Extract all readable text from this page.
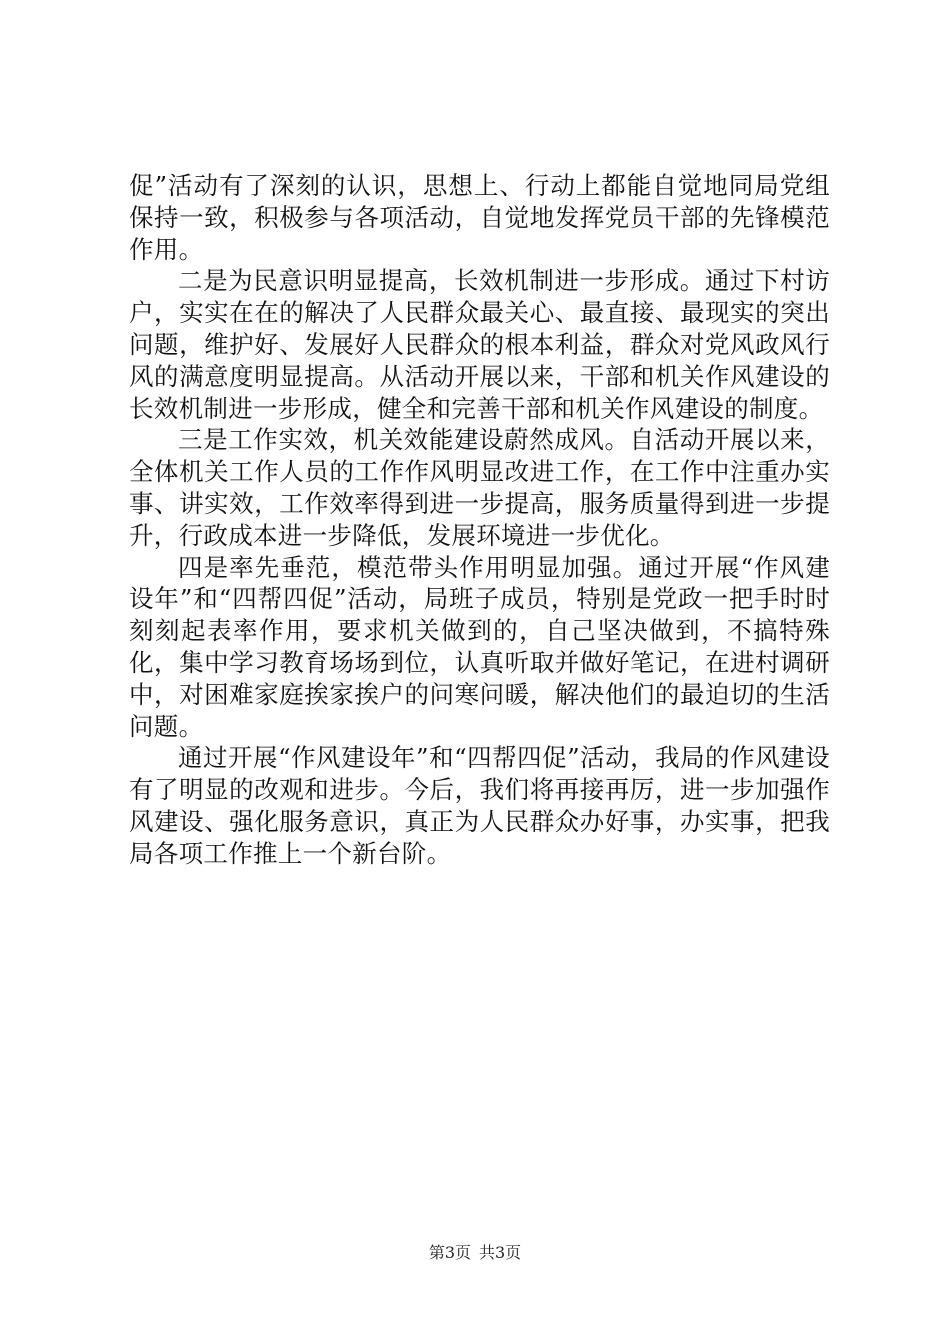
促”活动有了深刻的认识，思想上、行动上都能自觉地同局党组保持一致，积极参与各项活动，自觉地发挥党员干部的先锋模范作用。

二是为民意识明显提高，长效机制进一步形成。通过下村访户，实实在在的解决了人民群众最关心、最直接、最现实的突出问题，维护好、发展好人民群众的根本利益，群众对党风政风行风的满意度明显提高。从活动开展以来，干部和机关作风建设的长效机制进一步形成，健全和完善干部和机关作风建设的制度。

三是工作实效，机关效能建设蔚然成风。自活动开展以来，全体机关工作人员的工作作风明显改进工作，在工作中注重办实事、讲实效，工作效率得到进一步提高，服务质量得到进一步提升，行政成本进一步降低，发展环境进一步优化。

四是率先垂范，模范带头作用明显加强。通过开展“作风建设年”和“四帮四促”活动，局班子成员，特别是党政一把手时时刻刻起表率作用，要求机关做到的，自己坚决做到，不搞特殊化，集中学习教育场场到位，认真听取并做好笔记，在进村调研中，对困难家庭挨家挨户的问寒问暖，解决他们的最迫切的生活问题。

通过开展“作风建设年”和“四帮四促”活动，我局的作风建设有了明显的改观和进步。今后，我们将再接再厉，进一步加强作风建设、强化服务意识，真正为人民群众办好事，办实事，把我局各项工作推上一个新台阶。

第3页 共3页
